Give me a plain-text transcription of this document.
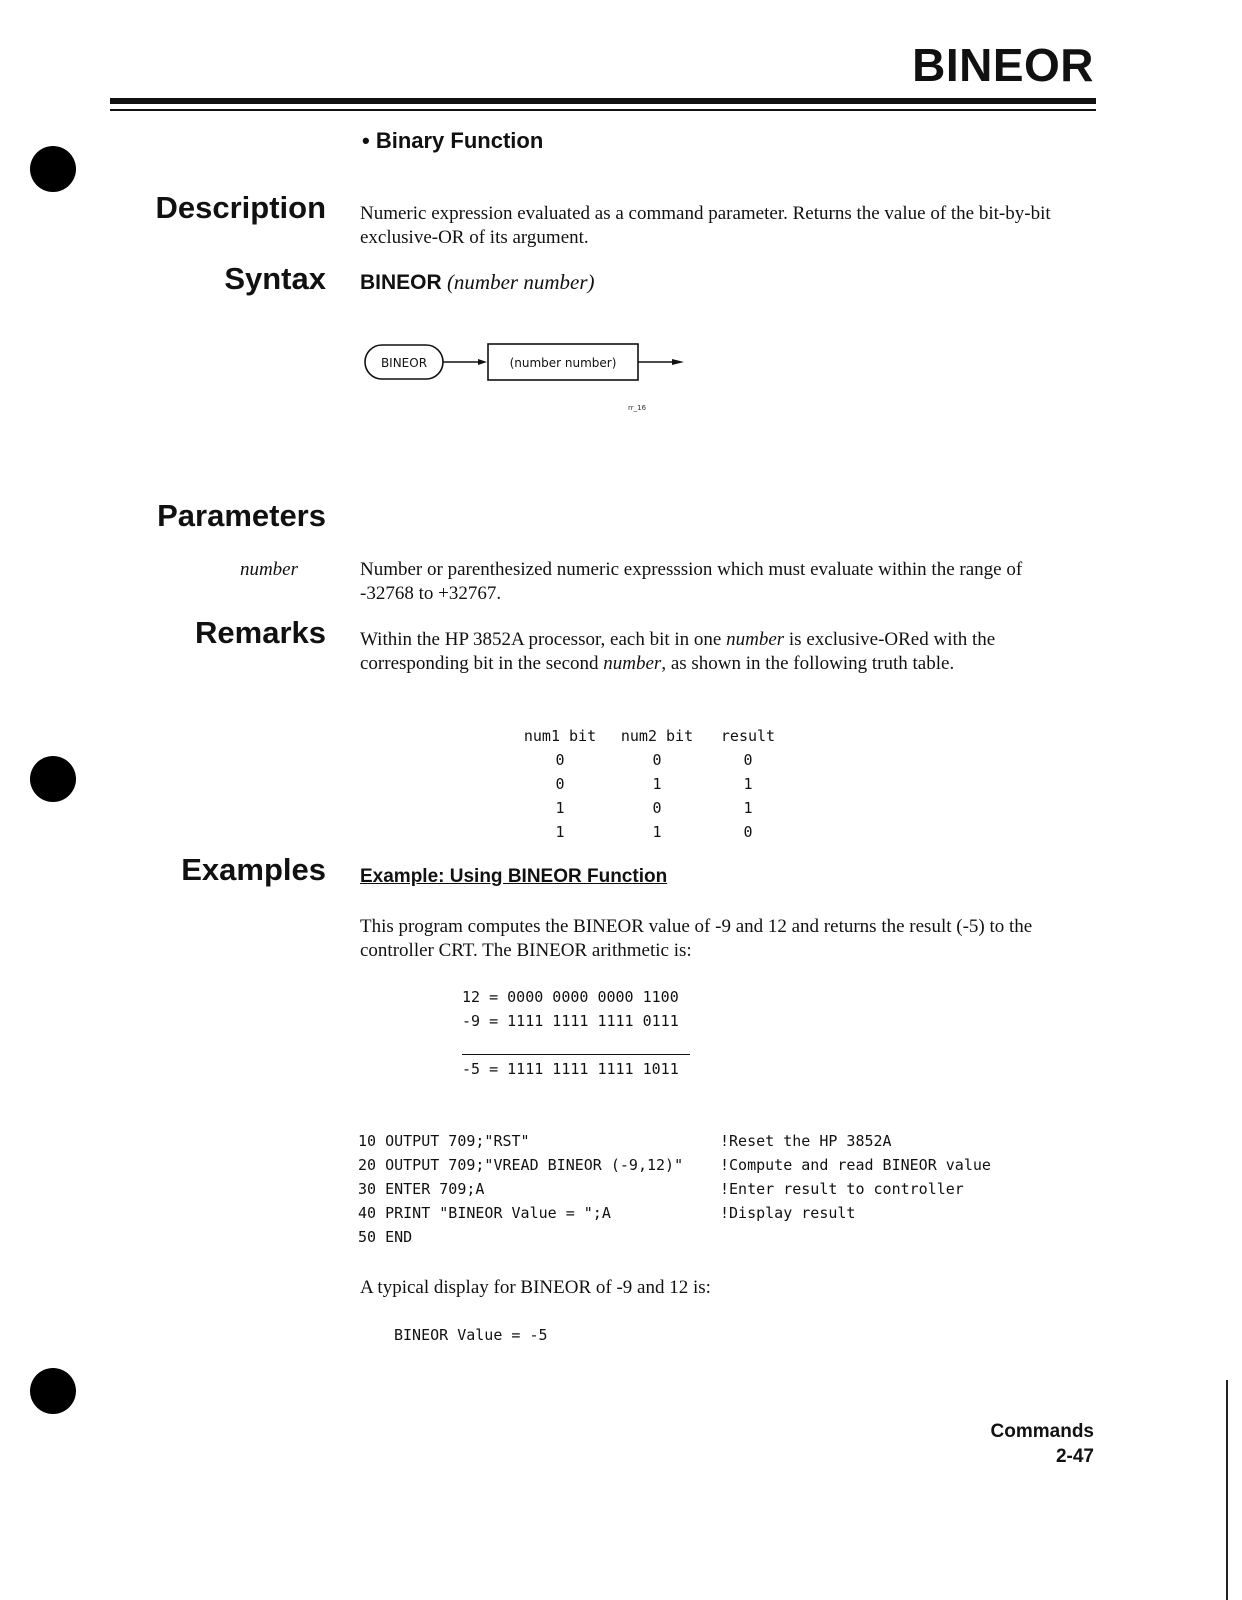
BINEOR
• Binary Function
Description Numeric expression evaluated as a command parameter. Returns the value of the bit-by-bit exclusive-OR of its argument.
Syntax BINEOR (number number)
BINEOR	(number number)
rr_16
Parameters
number	Number or parenthesized numeric expresssion which must evaluate within the range of -32768 to +32767.
Remarks Within the HP 3852A processor, each bit in one number is exclusive-ORed with the corresponding bit in the second number, as shown in the following truth table.
num1 bit	num2 bit	result
0	0	0
0	1	1
1	0	1
1	1	0
Examples Example: Using BINEOR Function
This program computes the BINEOR value of -9 and 12 and returns the result (-5) to the controller CRT. The BINEOR arithmetic is:
12 = 0000 0000 0000 1100
-9 = 1111 1111 1111 0111
-5 = 1111 1111 1111 1011
10 OUTPUT 709;"RST"	!Reset the HP 3852A
20 OUTPUT 709;"VREAD BINEOR (-9,12)" !Compute and read BINEOR value
30 ENTER 709;A	!Enter result to controller
40 PRINT "BINEOR Value = ";A	!Display result
50 END
A typical display for BINEOR of -9 and 12 is:
BINEOR Value = -5
Commands
2-47
